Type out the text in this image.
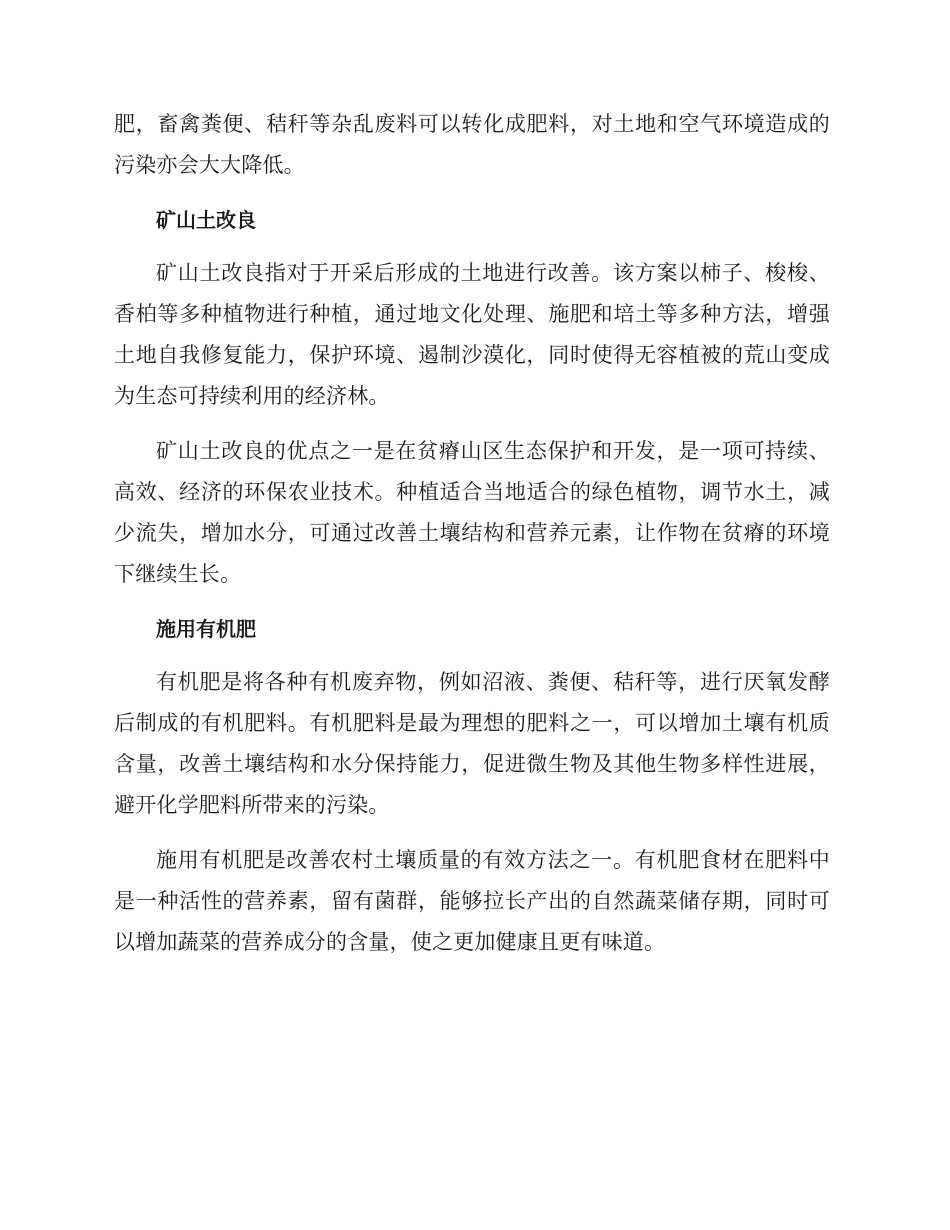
肥，畜禽粪便、秸秆等杂乱废料可以转化成肥料，对土地和空气环境造成的污染亦会大大降低。

矿山土改良

矿山土改良指对于开采后形成的土地进行改善。该方案以柿子、梭梭、香柏等多种植物进行种植，通过地文化处理、施肥和培土等多种方法，增强土地自我修复能力，保护环境、遏制沙漠化，同时使得无容植被的荒山变成为生态可持续利用的经济林。

矿山土改良的优点之一是在贫瘠山区生态保护和开发，是一项可持续、高效、经济的环保农业技术。种植适合当地适合的绿色植物，调节水土，减少流失，增加水分，可通过改善土壤结构和营养元素，让作物在贫瘠的环境下继续生长。

施用有机肥

有机肥是将各种有机废弃物，例如沼液、粪便、秸秆等，进行厌氧发酵后制成的有机肥料。有机肥料是最为理想的肥料之一，可以增加土壤有机质含量，改善土壤结构和水分保持能力，促进微生物及其他生物多样性进展，避开化学肥料所带来的污染。

施用有机肥是改善农村土壤质量的有效方法之一。有机肥食材在肥料中是一种活性的营养素，留有菌群，能够拉长产出的自然蔬菜储存期，同时可以增加蔬菜的营养成分的含量，使之更加健康且更有味道。
